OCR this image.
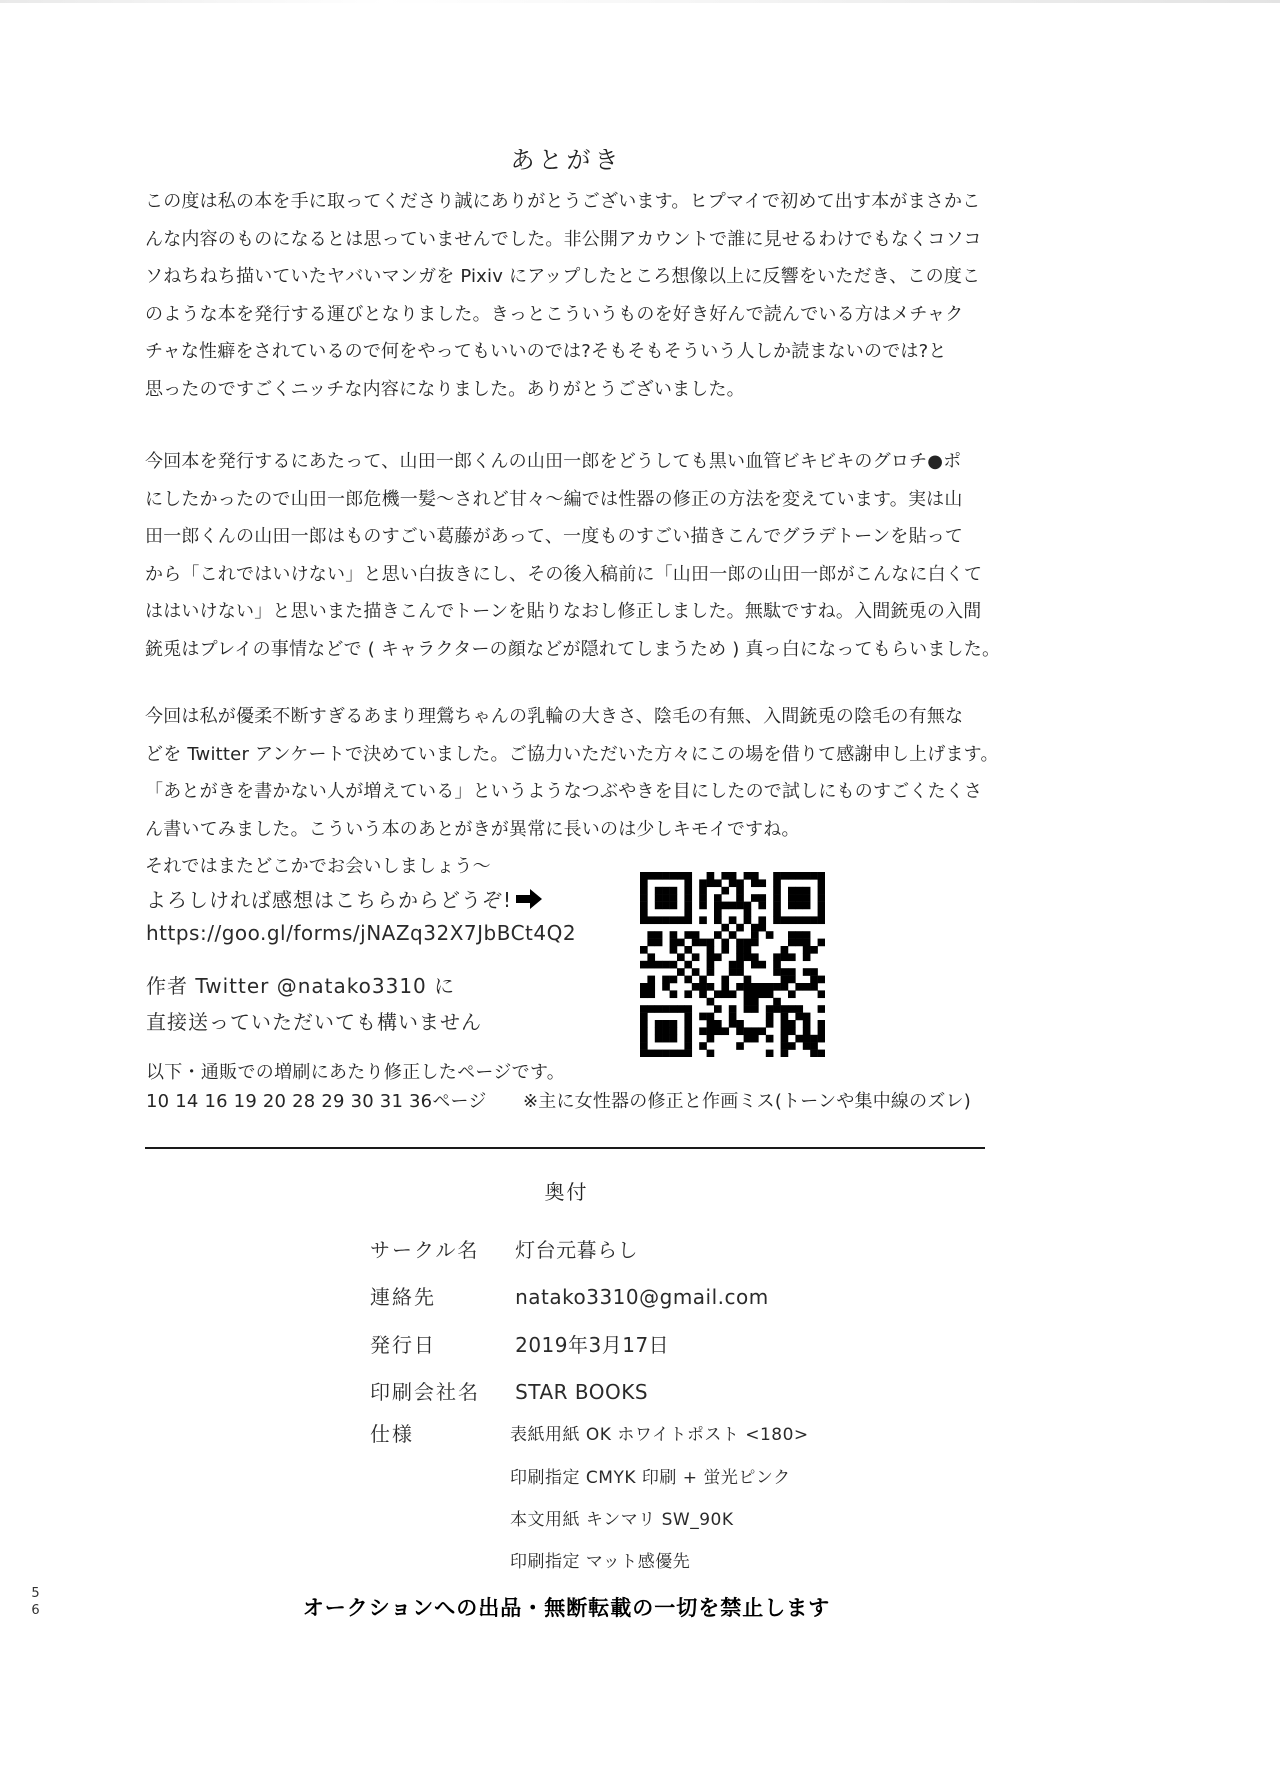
あとがき
この度は私の本を手に取ってくださり誠にありがとうございます。ヒプマイで初めて出す本がまさかこ
んな内容のものになるとは思っていませんでした。非公開アカウントで誰に見せるわけでもなくコソコ
ソねちねち描いていたヤバいマンガを Pixiv にアップしたところ想像以上に反響をいただき、この度こ
のような本を発行する運びとなりました。きっとこういうものを好き好んで読んでいる方はメチャク
チャな性癖をされているので何をやってもいいのでは?そもそもそういう人しか読まないのでは?と
思ったのですごくニッチな内容になりました。ありがとうございました。
今回本を発行するにあたって、山田一郎くんの山田一郎をどうしても黒い血管ビキビキのグロチ●ポ
にしたかったので山田一郎危機一髪〜されど甘々〜編では性器の修正の方法を変えています。実は山
田一郎くんの山田一郎はものすごい葛藤があって、一度ものすごい描きこんでグラデトーンを貼って
から「これではいけない」と思い白抜きにし、その後入稿前に「山田一郎の山田一郎がこんなに白くて
ははいけない」と思いまた描きこんでトーンを貼りなおし修正しました。無駄ですね。入間銃兎の入間
銃兎はプレイの事情などで ( キャラクターの顔などが隠れてしまうため ) 真っ白になってもらいました。
今回は私が優柔不断すぎるあまり理鶯ちゃんの乳輪の大きさ、陰毛の有無、入間銃兎の陰毛の有無な
どを Twitter アンケートで決めていました。ご協力いただいた方々にこの場を借りて感謝申し上げます。
「あとがきを書かない人が増えている」というようなつぶやきを目にしたので試しにものすごくたくさ
ん書いてみました。こういう本のあとがきが異常に長いのは少しキモイですね。
それではまたどこかでお会いしましょう〜
よろしければ感想はこちらからどうぞ!
https://goo.gl/forms/jNAZq32X7JbBCt4Q2
作者 Twitter @natako3310 に
直接送っていただいても構いません
以下・通販での増刷にあたり修正したページです。
10 14 16 19 20 28 29 30 31 36ページ　　※主に女性器の修正と作画ミス(トーンや集中線のズレ)
奥付
サークル名 灯台元暮らし
連絡先	natako3310@gmail.com
発行日	2019年3月17日
印刷会社名 STAR BOOKS
仕様	表紙用紙 OK ホワイトポスト <180>
印刷指定 CMYK 印刷 + 蛍光ピンク
本文用紙 キンマリ SW_90K
印刷指定 マット感優先
オークションへの出品・無断転載の一切を禁止します
56
